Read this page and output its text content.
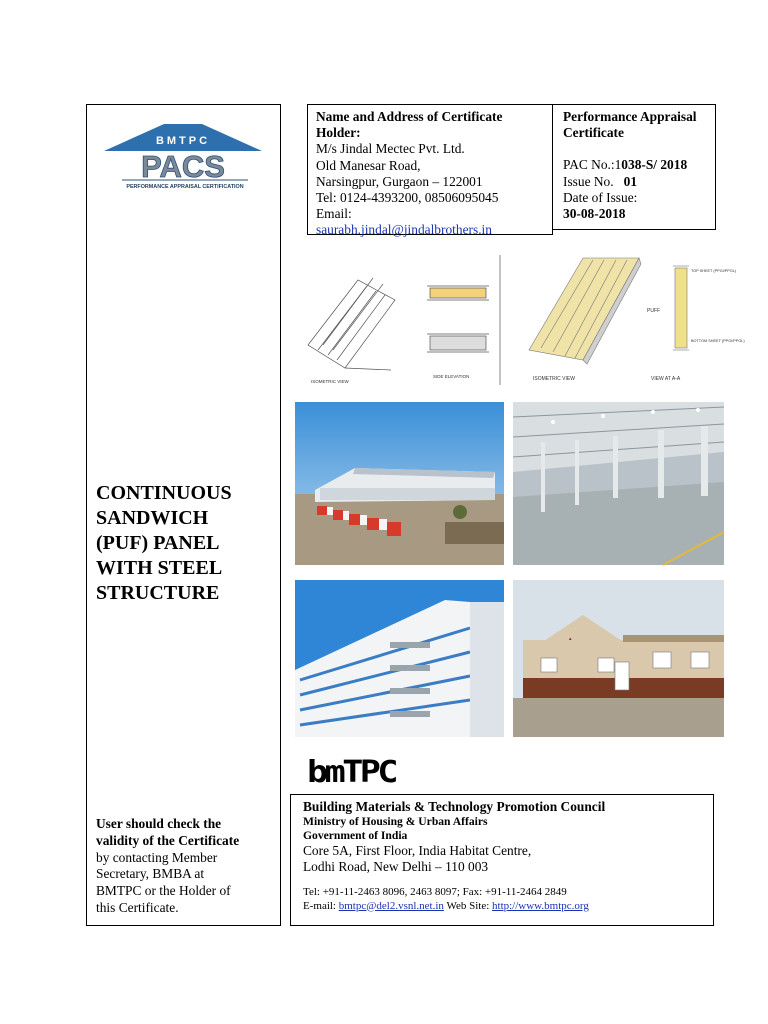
BMTPC
PACS
PERFORMANCE APPRAISAL CERTIFICATION
Name and Address of Certificate
Holder:
M/s Jindal Mectec Pvt. Ltd.
Old Manesar Road,
Narsingpur, Gurgaon – 122001
Tel: 0124-4393200, 08506095045
Email:
saurabh.jindal@jindalbrothers.in
Performance Appraisal
Certificate
PAC No.:1038-S/ 2018
Issue No. 01
Date of Issue:
30-08-2018
CONTINUOUS
SANDWICH
(PUF) PANEL
WITH STEEL
STRUCTURE
User should check the
validity of the Certificate
by contacting Member
Secretary, BMBA at
BMTPC or the Holder of
this Certificate.
ISOMETRIC VIEW
SIDE ELEVATION	ISOMETRIC VIEW	VIEW AT A-A
PUFF
TOP SHEET (PPGI/PPGL)
BOTTOM SHEET (PPGI/PPGL)
▲
bmTPC
Building Materials & Technology Promotion Council
Ministry of Housing & Urban Affairs
Government of India
Core 5A, First Floor, India Habitat Centre,
Lodhi Road, New Delhi – 110 003
Tel: +91-11-2463 8096, 2463 8097; Fax: +91-11-2464 2849
E-mail: bmtpc@del2.vsnl.net.in Web Site: http://www.bmtpc.org
